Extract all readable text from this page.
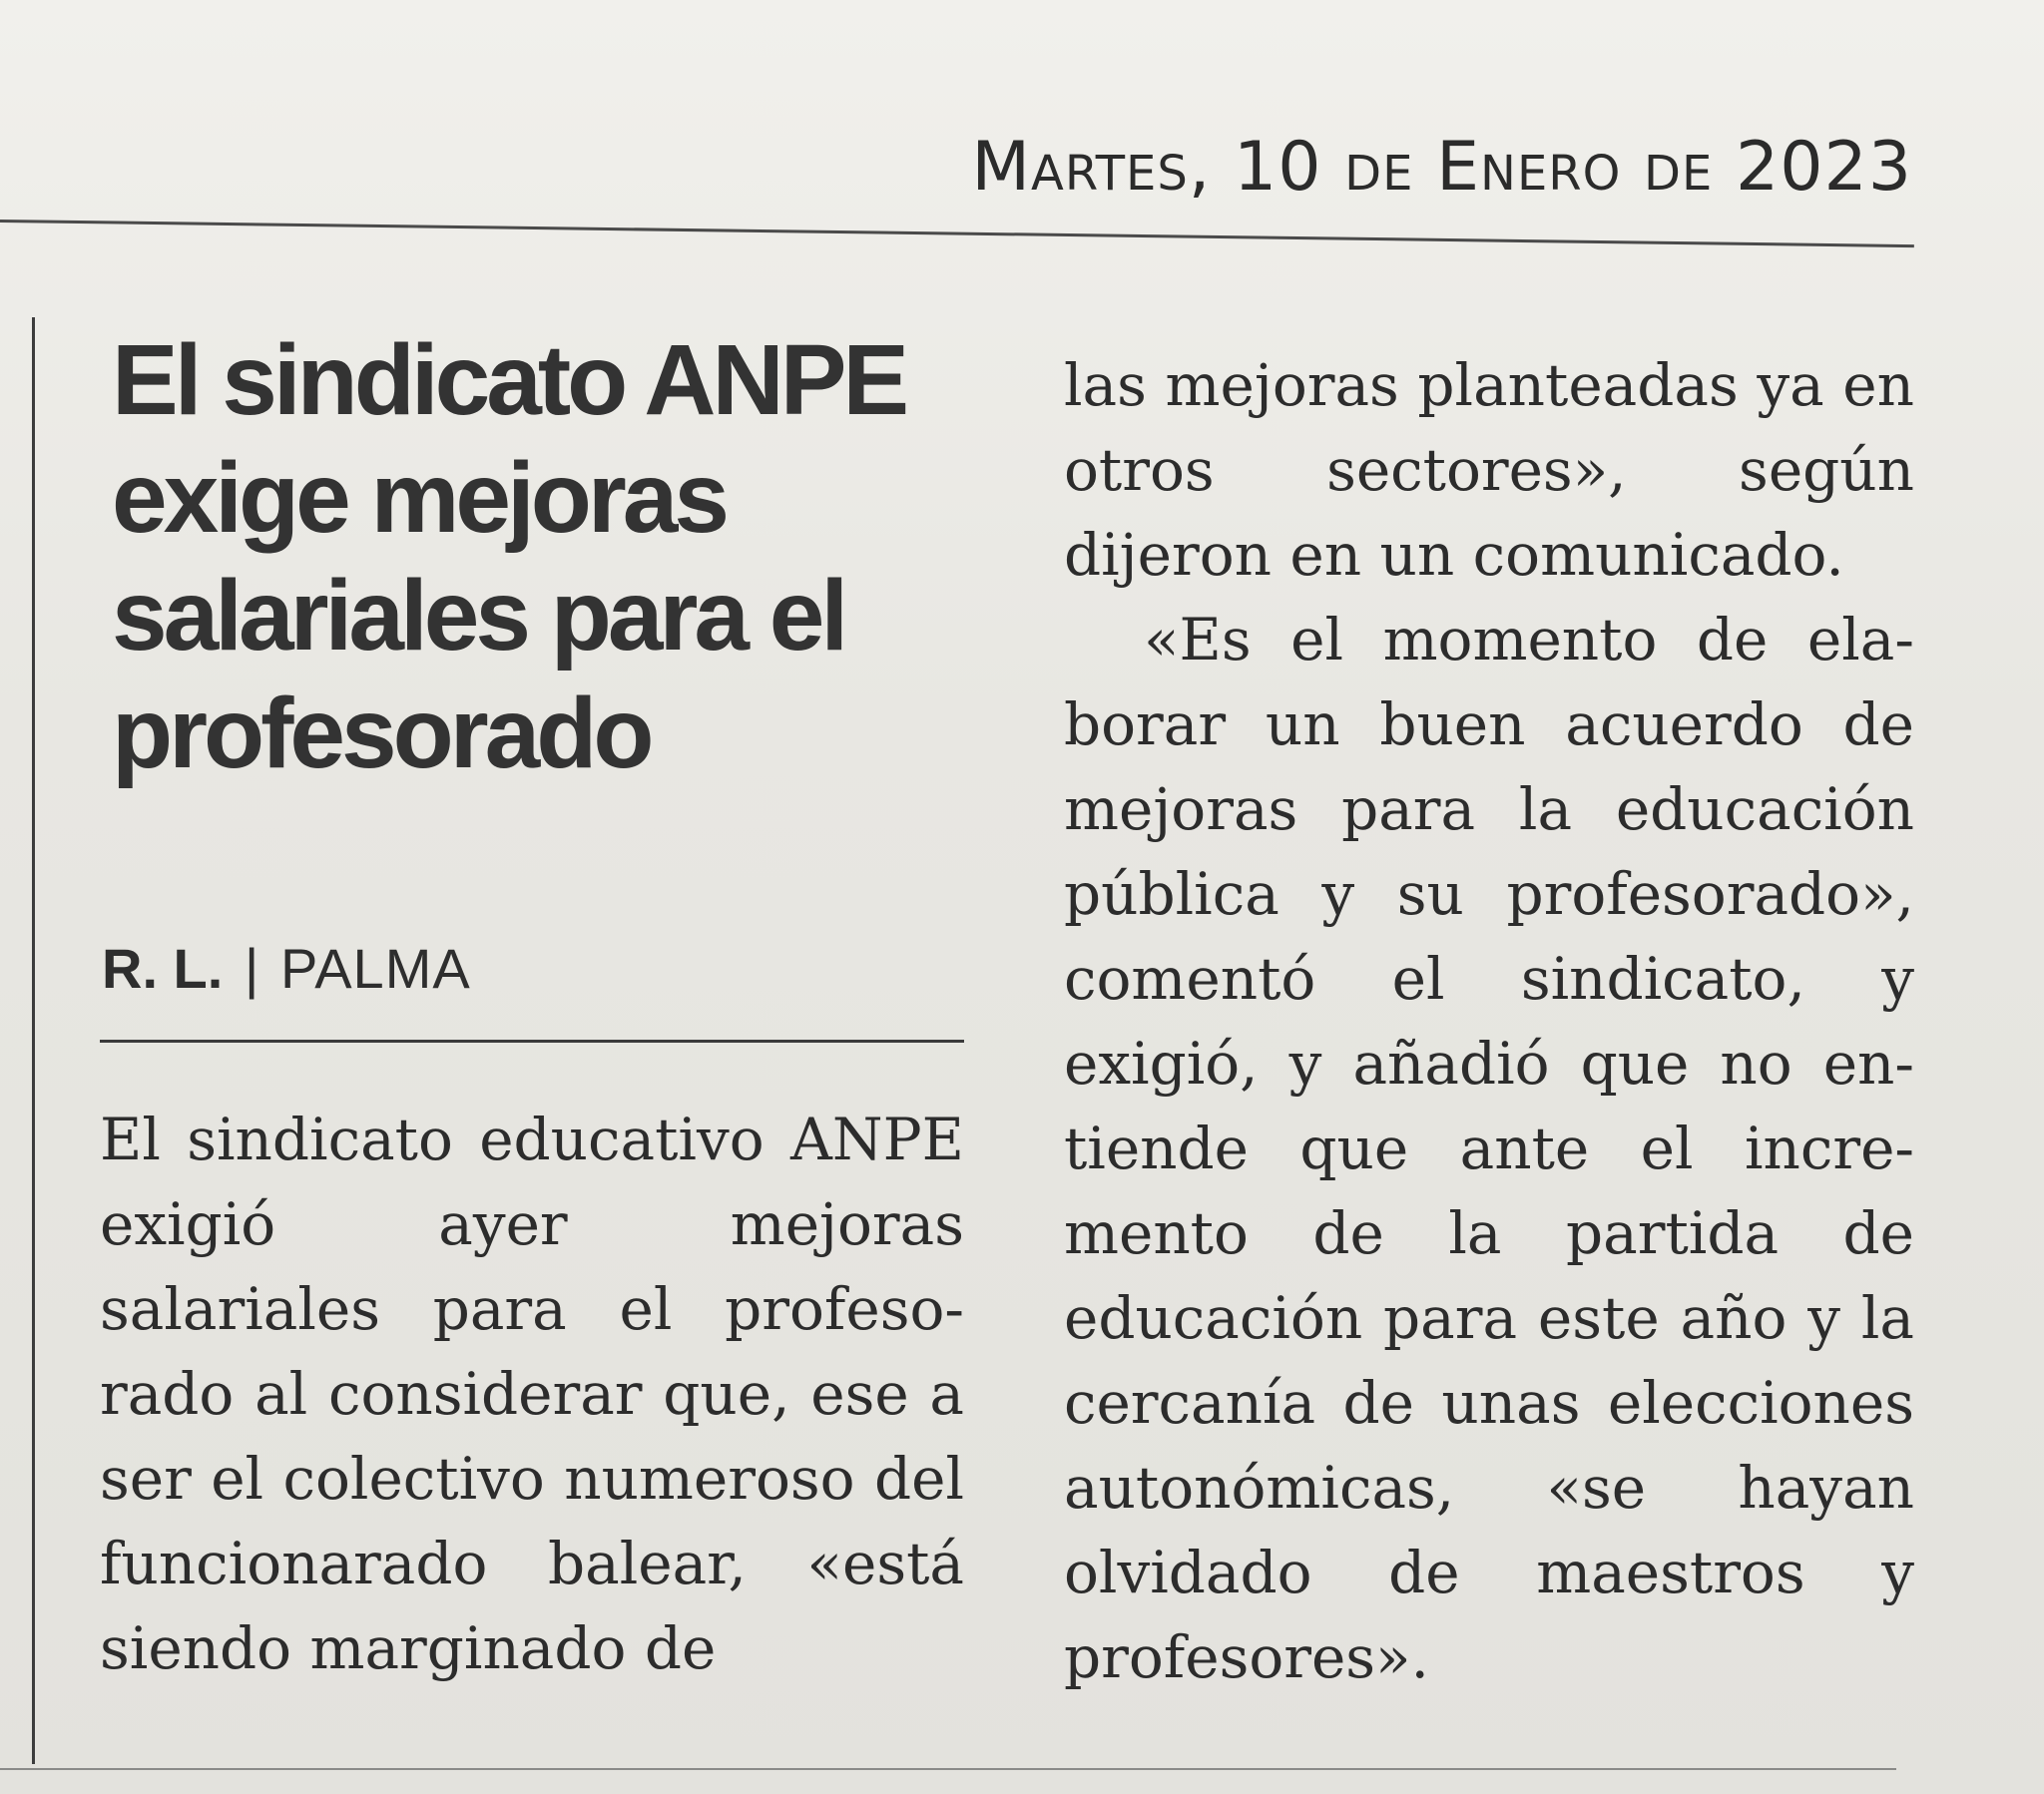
Martes, 10 de Enero de 2023
El sindicato ANPE exige mejoras salariales para el profesorado
R. L. | PALMA

El sindicato educativo ANPE exigió ayer mejoras salariales para el profesorado al considerar que, ese a ser el colectivo numeroso del funcionarado balear, «está siendo marginado de

las mejoras planteadas ya en otros sectores», según dijeron en un comunicado.

«Es el momento de elaborar un buen acuerdo de mejoras para la educación pública y su profesorado», comentó el sindicato, y exigió, y añadió que no entiende que ante el incremento de la partida de educación para este año y la cercanía de unas elecciones autonómicas, «se hayan olvidado de maestros y profesores».
